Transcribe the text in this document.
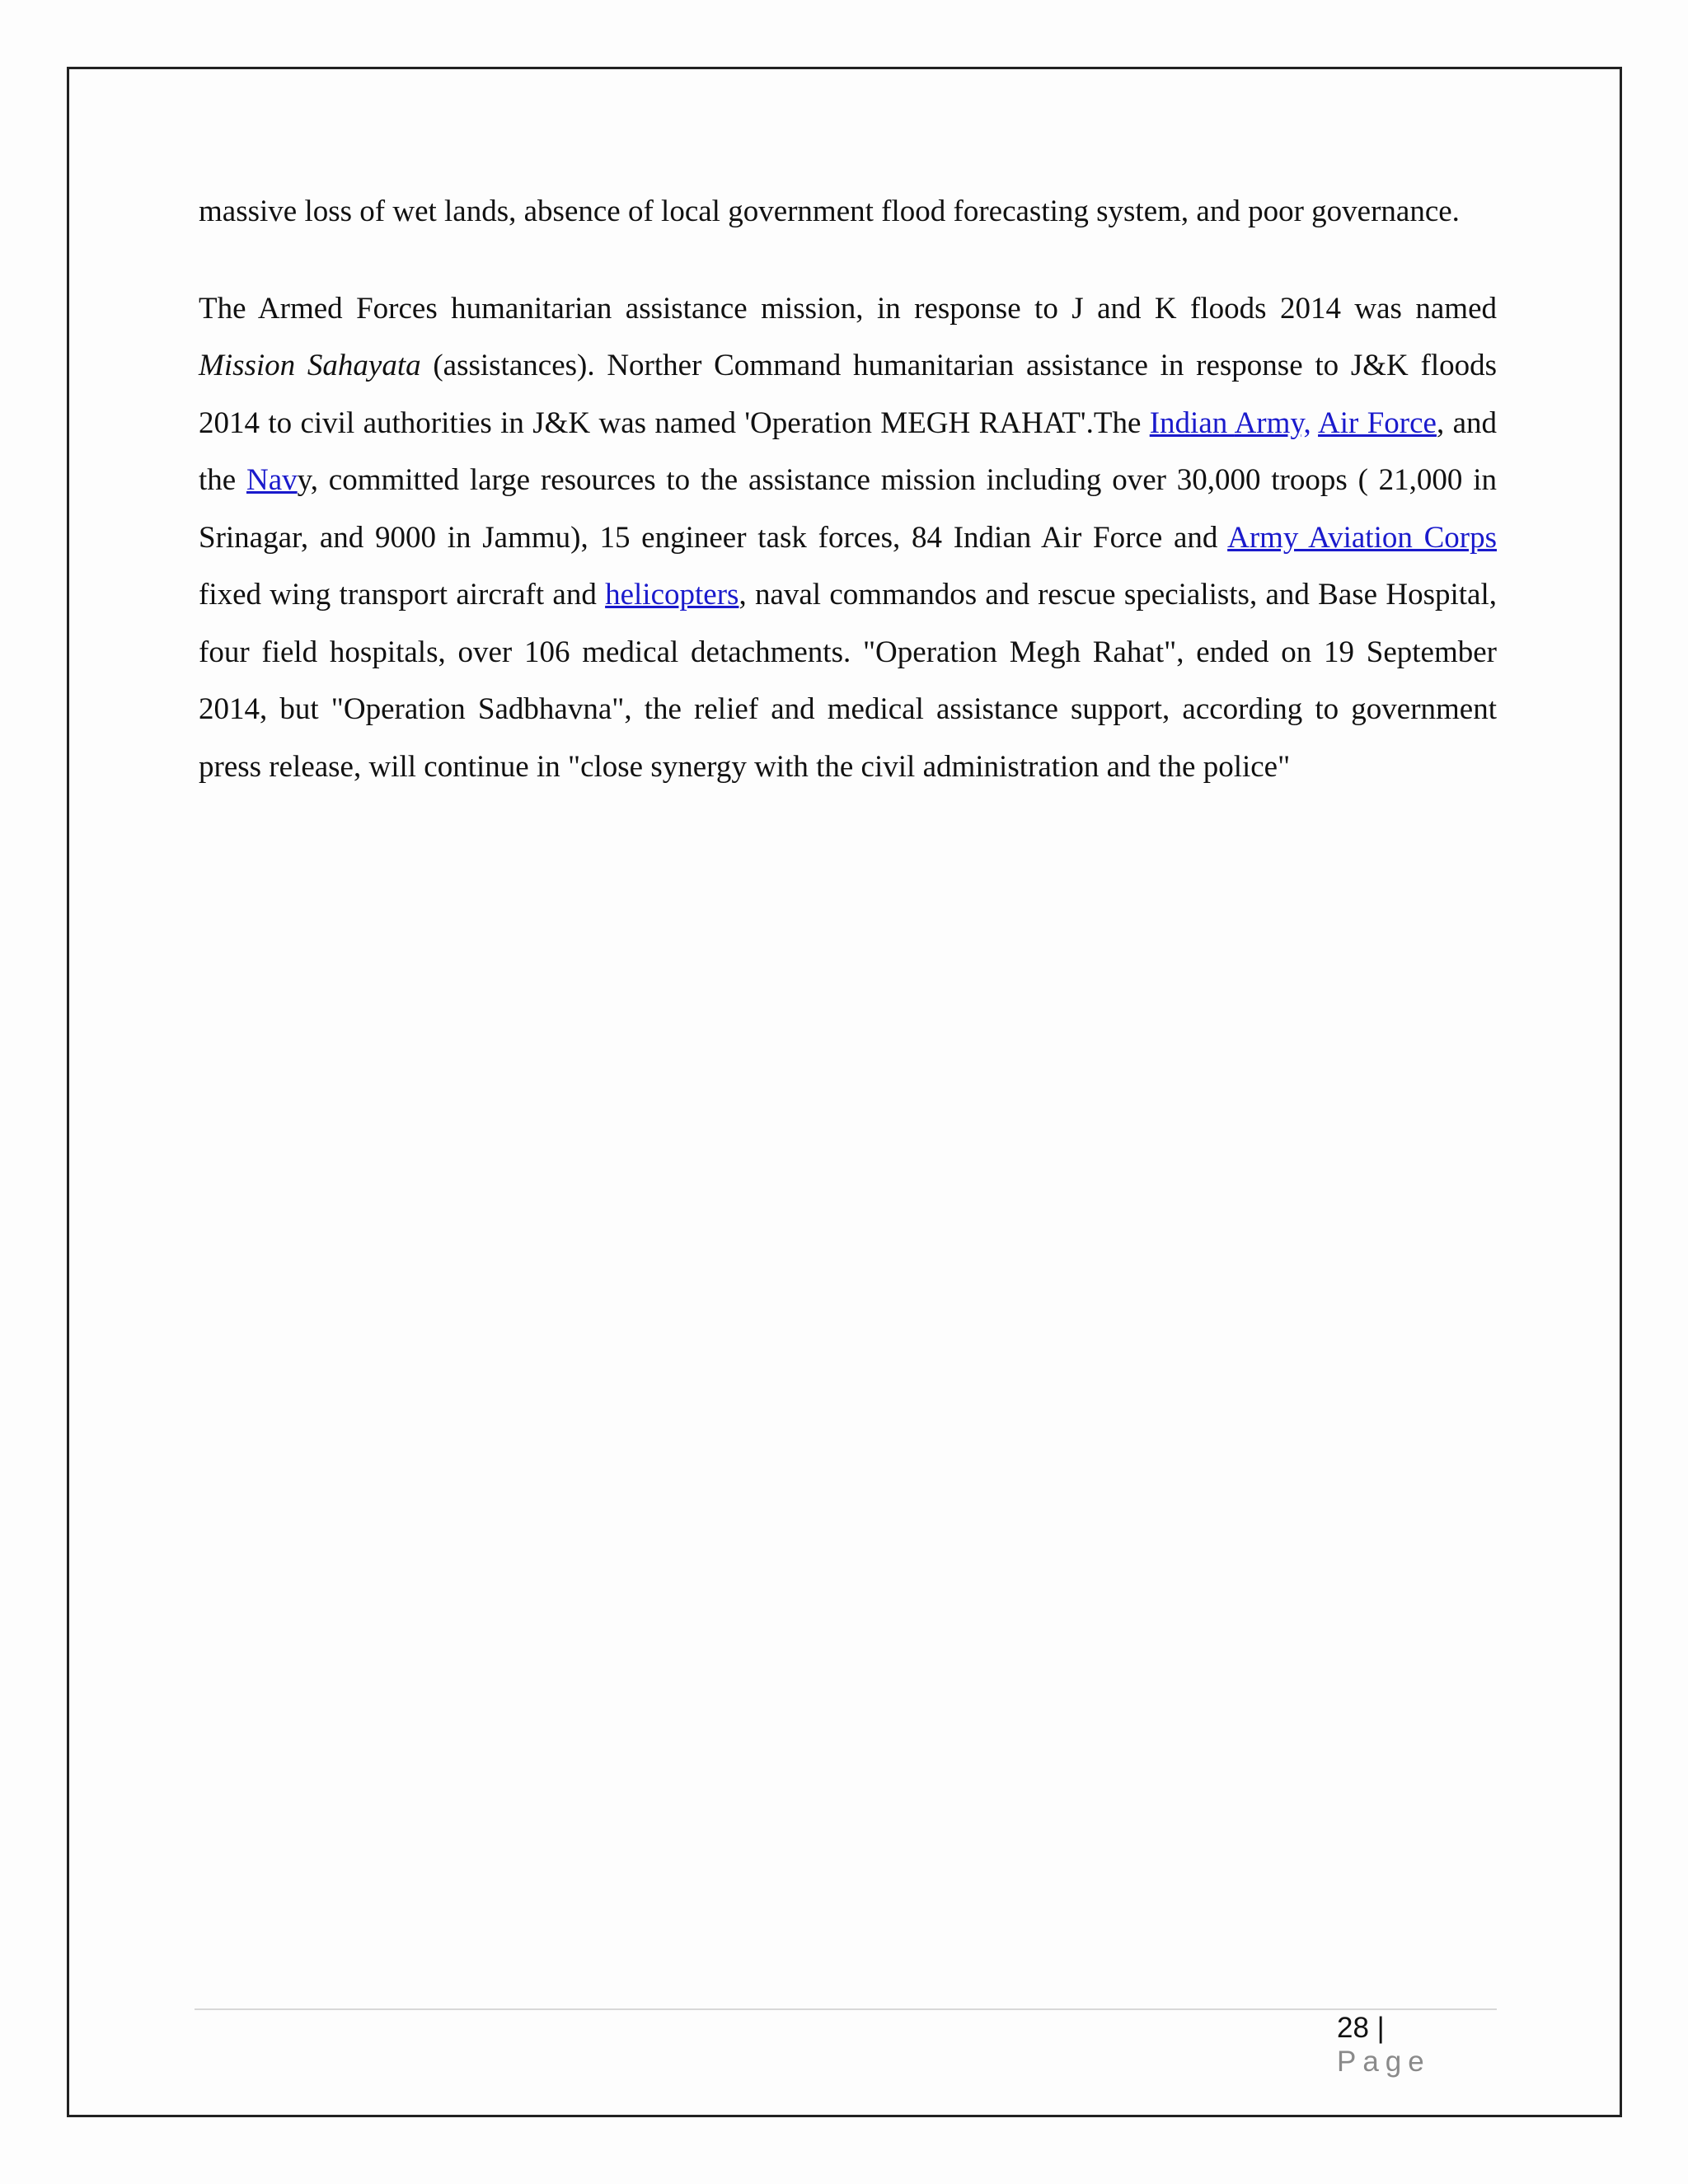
massive loss of wet lands, absence of local government flood forecasting system, and poor governance.

The Armed Forces humanitarian assistance mission, in response to J and K floods 2014 was named Mission Sahayata (assistances). Norther Command humanitarian assistance in response to J&K floods 2014 to civil authorities in J&K was named 'Operation MEGH RAHAT'.The Indian Army, Air Force, and the Navy, committed large resources to the assistance mission including over 30,000 troops ( 21,000 in Srinagar, and 9000 in Jammu), 15 engineer task forces, 84 Indian Air Force and Army Aviation Corps fixed wing transport aircraft and helicopters, naval commandos and rescue specialists, and Base Hospital, four field hospitals, over 106 medical detachments. "Operation Megh Rahat", ended on 19 September 2014, but "Operation Sadbhavna", the relief and medical assistance support, according to government press release, will continue in "close synergy with the civil administration and the police"

28 | Page
